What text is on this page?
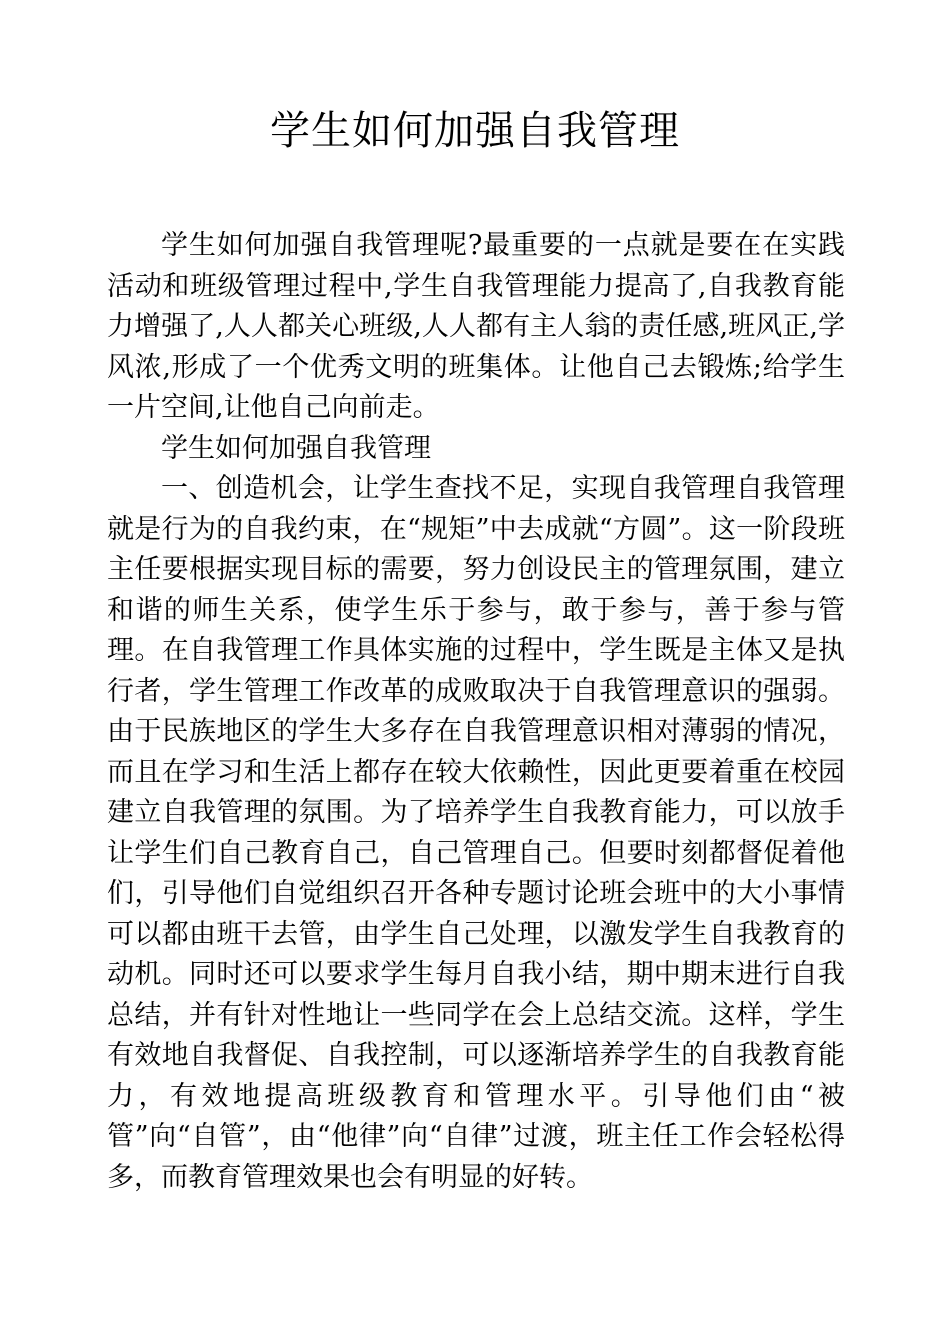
学生如何加强自我管理

学生如何加强自我管理呢?最重要的一点就是要在在实践活动和班级管理过程中,学生自我管理能力提高了,自我教育能力增强了,人人都关心班级,人人都有主人翁的责任感,班风正,学风浓,形成了一个优秀文明的班集体。让他自己去锻炼;给学生一片空间,让他自己向前走。

学生如何加强自我管理

一、创造机会，让学生查找不足，实现自我管理自我管理就是行为的自我约束，在“规矩”中去成就“方圆”。这一阶段班主任要根据实现目标的需要，努力创设民主的管理氛围，建立和谐的师生关系，使学生乐于参与，敢于参与，善于参与管理。在自我管理工作具体实施的过程中，学生既是主体又是执行者，学生管理工作改革的成败取决于自我管理意识的强弱。由于民族地区的学生大多存在自我管理意识相对薄弱的情况，而且在学习和生活上都存在较大依赖性，因此更要着重在校园建立自我管理的氛围。为了培养学生自我教育能力，可以放手让学生们自己教育自己，自己管理自己。但要时刻都督促着他们，引导他们自觉组织召开各种专题讨论班会班中的大小事情可以都由班干去管，由学生自己处理，以激发学生自我教育的动机。同时还可以要求学生每月自我小结，期中期末进行自我总结，并有针对性地让一些同学在会上总结交流。这样，学生有效地自我督促、自我控制，可以逐渐培养学生的自我教育能力，有效地提高班级教育和管理水平。引导他们由“被管”向“自管”，由“他律”向“自律”过渡，班主任工作会轻松得多，而教育管理效果也会有明显的好转。
